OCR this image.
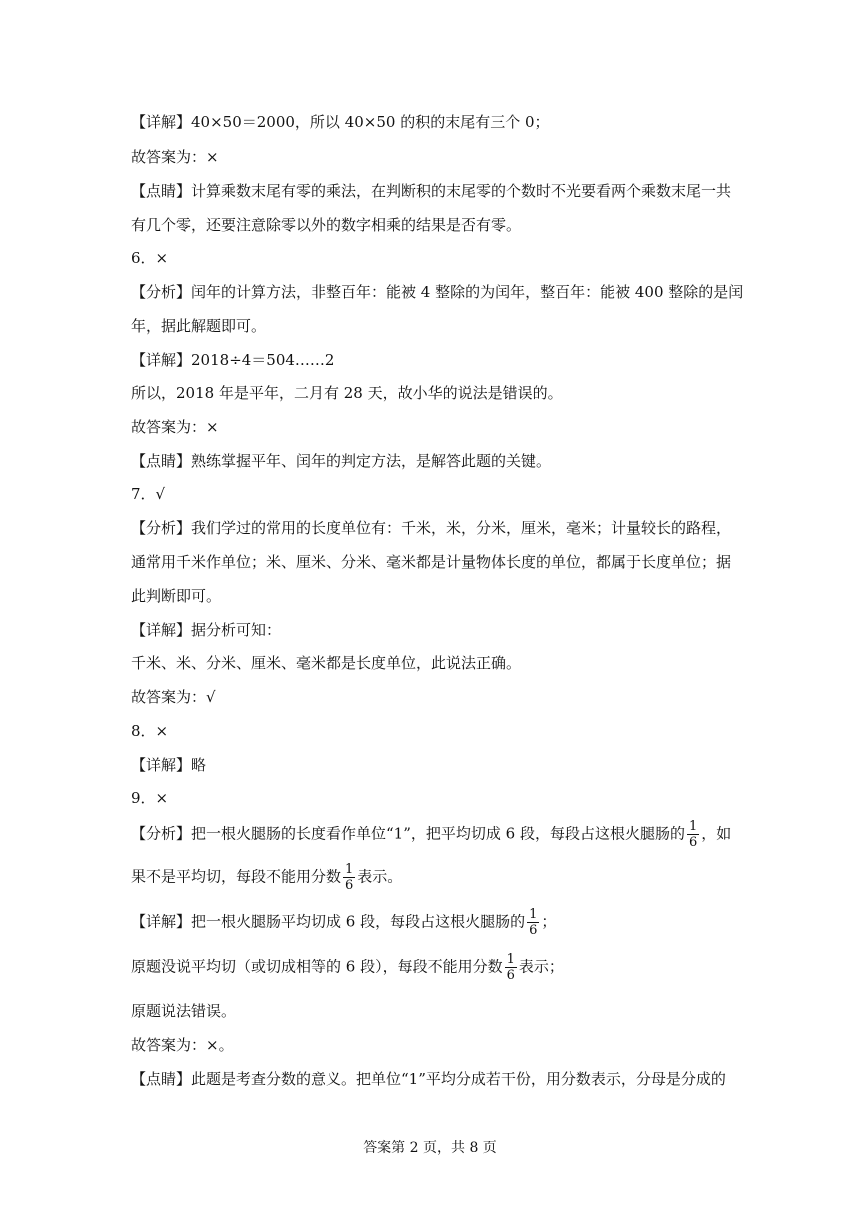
【详解】40×50＝2000，所以 40×50 的积的末尾有三个 0；
故答案为：×
【点睛】计算乘数末尾有零的乘法，在判断积的末尾零的个数时不光要看两个乘数末尾一共
有几个零，还要注意除零以外的数字相乘的结果是否有零。
6．×
【分析】闰年的计算方法，非整百年：能被 4 整除的为闰年，整百年：能被 400 整除的是闰
年，据此解题即可。
【详解】2018÷4＝504……2
所以，2018 年是平年，二月有 28 天，故小华的说法是错误的。
故答案为：×
【点睛】熟练掌握平年、闰年的判定方法，是解答此题的关键。
7．√
【分析】我们学过的常用的长度单位有：千米，米，分米，厘米，毫米；计量较长的路程，
通常用千米作单位；米、厘米、分米、毫米都是计量物体长度的单位，都属于长度单位；据
此判断即可。
【详解】据分析可知：
千米、米、分米、厘米、毫米都是长度单位，此说法正确。
故答案为：√
8．×
【详解】略
9．×
【分析】把一根火腿肠的长度看作单位“1”，把平均切成 6 段，每段占这根火腿肠的 $\frac{1}{6}$ ，如
果不是平均切，每段不能用分数 $\frac{1}{6}$ 表示。
【详解】把一根火腿肠平均切成 6 段，每段占这根火腿肠的 $\frac{1}{6}$ ；
原题没说平均切（或切成相等的 6 段），每段不能用分数 $\frac{1}{6}$ 表示；
原题说法错误。
故答案为：×。
【点睛】此题是考查分数的意义。把单位“1”平均分成若干份，用分数表示，分母是分成的
答案第 2 页，共 8 页
